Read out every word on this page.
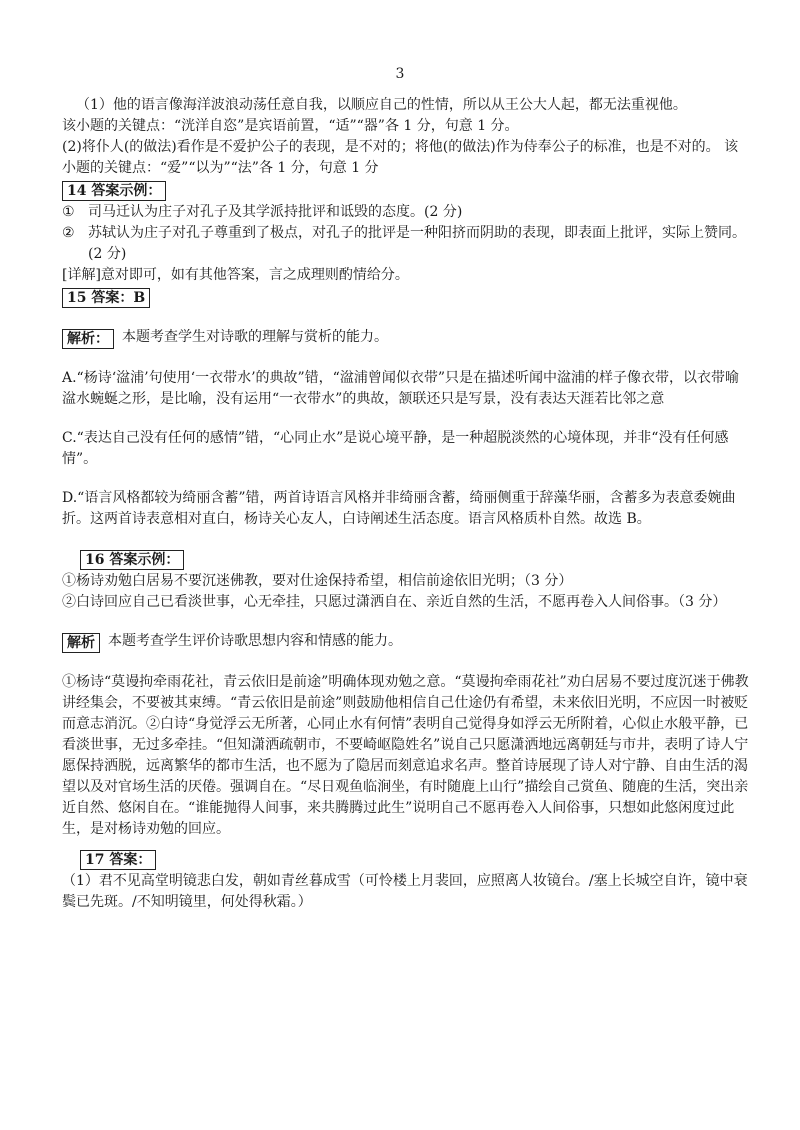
3

（1）他的语言像海洋波浪动荡任意自我，以顺应自己的性情，所以从王公大人起，都无法重视他。

该小题的关键点：“洸洋自恣”是宾语前置，“适”“器”各 1 分，句意 1 分。

(2)将仆人(的做法)看作是不爱护公子的表现，是不对的；将他(的做法)作为侍奉公子的标准，也是不对的。 该小题的关键点：“爱”“以为”“法”各 1 分，句意 1 分

14 答案示例：
① 司马迁认为庄子对孔子及其学派持批评和诋毁的态度。(2 分)
② 苏轼认为庄子对孔子尊重到了极点，对孔子的批评是一种阳挤而阴助的表现，即表面上批评，实际上赞同。(2 分)

[详解]意对即可，如有其他答案，言之成理则酌情给分。

15 答案：B
解析： 本题考查学生对诗歌的理解与赏析的能力。

A.“杨诗‘湓浦’句使用‘一衣带水’的典故”错，“湓浦曾闻似衣带”只是在描述听闻中湓浦的样子像衣带，以衣带喻湓水蜿蜒之形，是比喻，没有运用“一衣带水”的典故，颔联还只是写景，没有表达天涯若比邻之意

C.“表达自己没有任何的感情”错，“心同止水”是说心境平静，是一种超脱淡然的心境体现，并非“没有任何感情”。

D.“语言风格都较为绮丽含蓄”错，两首诗语言风格并非绮丽含蓄，绮丽侧重于辞藻华丽，含蓄多为表意委婉曲折。这两首诗表意相对直白，杨诗关心友人，白诗阐述生活态度。语言风格质朴自然。故选 B。

16 答案示例：

①杨诗劝勉白居易不要沉迷佛教，要对仕途保持希望，相信前途依旧光明；（3 分）

②白诗回应自己已看淡世事，心无牵挂，只愿过潇洒自在、亲近自然的生活，不愿再卷入人间俗事。（3 分）

解析 本题考查学生评价诗歌思想内容和情感的能力。

①杨诗“莫谩拘牵雨花社，青云依旧是前途”明确体现劝勉之意。“莫谩拘牵雨花社”劝白居易不要过度沉迷于佛教讲经集会，不要被其束缚。“青云依旧是前途”则鼓励他相信自己仕途仍有希望，未来依旧光明，不应因一时被贬而意志消沉。②白诗“身觉浮云无所著，心同止水有何情”表明自己觉得身如浮云无所附着，心似止水般平静，已看淡世事，无过多牵挂。“但知潇洒疏朝市，不要崎岖隐姓名”说自己只愿潇洒地远离朝廷与市井，表明了诗人宁愿保持洒脱，远离繁华的都市生活，也不愿为了隐居而刻意追求名声。整首诗展现了诗人对宁静、自由生活的渴望以及对官场生活的厌倦。强调自在。“尽日观鱼临涧坐，有时随鹿上山行”描绘自己赏鱼、随鹿的生活，突出亲近自然、悠闲自在。“谁能抛得人间事，来共腾腾过此生”说明自己不愿再卷入人间俗事，只想如此悠闲度过此生，是对杨诗劝勉的回应。

17 答案：

（1）君不见高堂明镜悲白发，朝如青丝暮成雪（可怜楼上月裴回，应照离人妆镜台。/塞上长城空自许，镜中衰鬓已先斑。/不知明镜里，何处得秋霜。）
